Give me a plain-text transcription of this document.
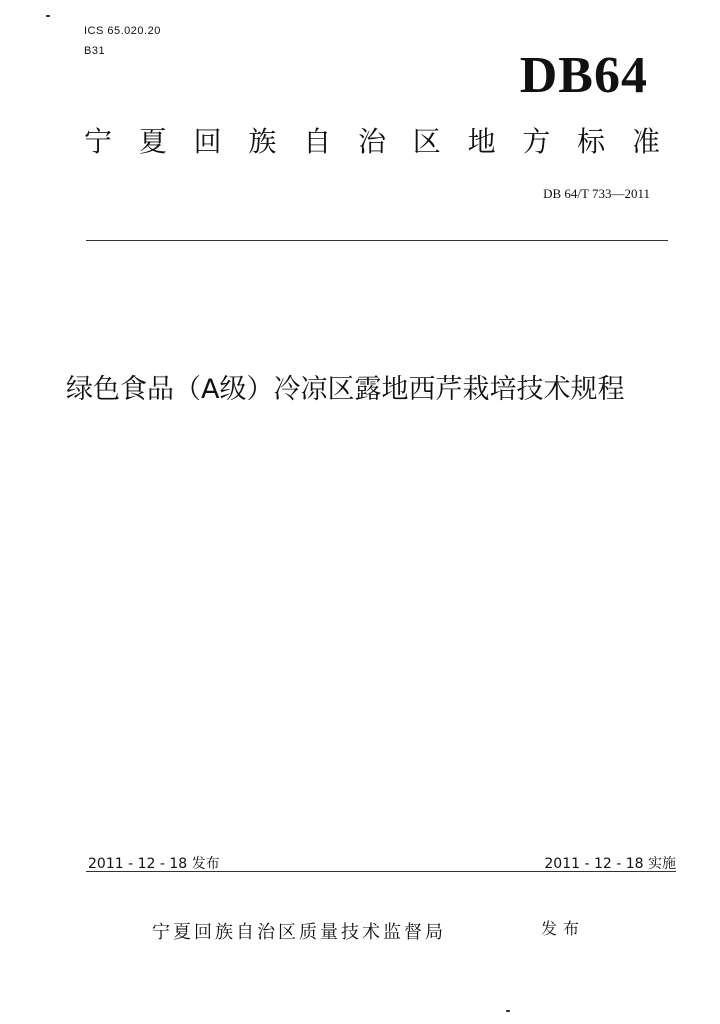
ICS 65.020.20
B31	DB64
宁 夏 回 族 自 治 区 地 方 标 准
DB 64/T 733—2011
绿色食品（A级）冷凉区露地西芹栽培技术规程
2011 - 12 - 18 发布	2011 - 12 - 18 实施
宁夏回族自治区质量技术监督局	发布
